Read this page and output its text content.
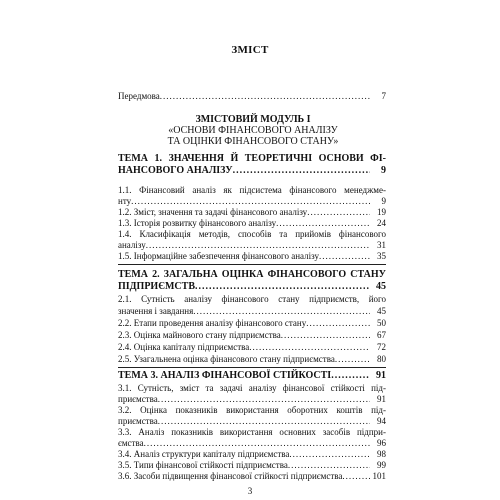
ЗМІСТ
Передмова .....	7
ЗМІСТОВИЙ МОДУЛЬ І
«ОСНОВИ ФІНАНСОВОГО АНАЛІЗУ
ТА ОЦІНКИ ФІНАНСОВОГО СТАНУ»
ТЕМА 1. ЗНАЧЕННЯ Й ТЕОРЕТИЧНІ ОСНОВИ ФІ-
НАНСОВОГО АНАЛІЗУ .....	9
1.1. Фінансовий аналіз як підсистема фінансового менеджме-
нту .....	9
1.2. Зміст, значення та задачі фінансового аналізу .....	19
1.3. Історія розвитку фінансового аналізу .....	24
1.4. Класифікація методів, способів та прийомів фінансового
аналізу .....	31
1.5. Інформаційне забезпечення фінансового аналізу .....	35
ТЕМА 2. ЗАГАЛЬНА ОЦІНКА ФІНАНСОВОГО СТАНУ
ПІДПРИЄМСТВ .....	45
2.1. Сутність аналізу фінансового стану підприємств, його
значення і завдання .....	45
2.2. Етапи проведення аналізу фінансового стану .....	50
2.3. Оцінка майнового стану підприємства .....	67
2.4. Оцінка капіталу підприємства .....	72
2.5. Узагальнена оцінка фінансового стану підприємства .....	80
ТЕМА 3. АНАЛІЗ ФІНАНСОВОЇ СТІЙКОСТІ .....	91
3.1. Сутність, зміст та задачі аналізу фінансової стійкості під-
приємства .....	91
3.2. Оцінка показників використання оборотних коштів під-
приємства .....	94
3.3. Аналіз показників використання основних засобів підпри-
ємства .....	96
3.4. Аналіз структури капіталу підприємства .....	98
3.5. Типи фінансової стійкості підприємства .....	99
3.6. Засоби підвищення фінансової стійкості підприємства .....	101
3
